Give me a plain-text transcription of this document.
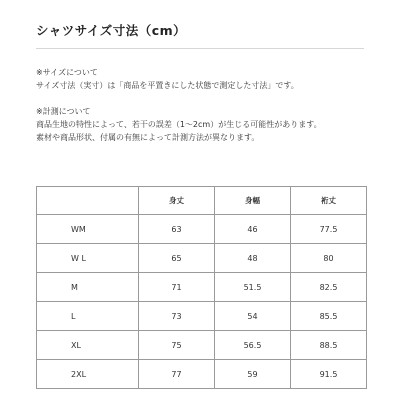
シャツサイズ寸法（cm）
※サイズについて
サイズ寸法（実寸）は「商品を平置きにした状態で測定した寸法」です。
※計測について
商品生地の特性によって、若干の誤差（1〜2cm）が生じる可能性があります。
素材や商品形状、付属の有無によって計測方法が異なります。
	身丈	身幅	裄丈
WM	63	46	77.5
W L	65	48	80
M	71	51.5	82.5
L	73	54	85.5
XL	75	56.5	88.5
2XL	77	59	91.5
